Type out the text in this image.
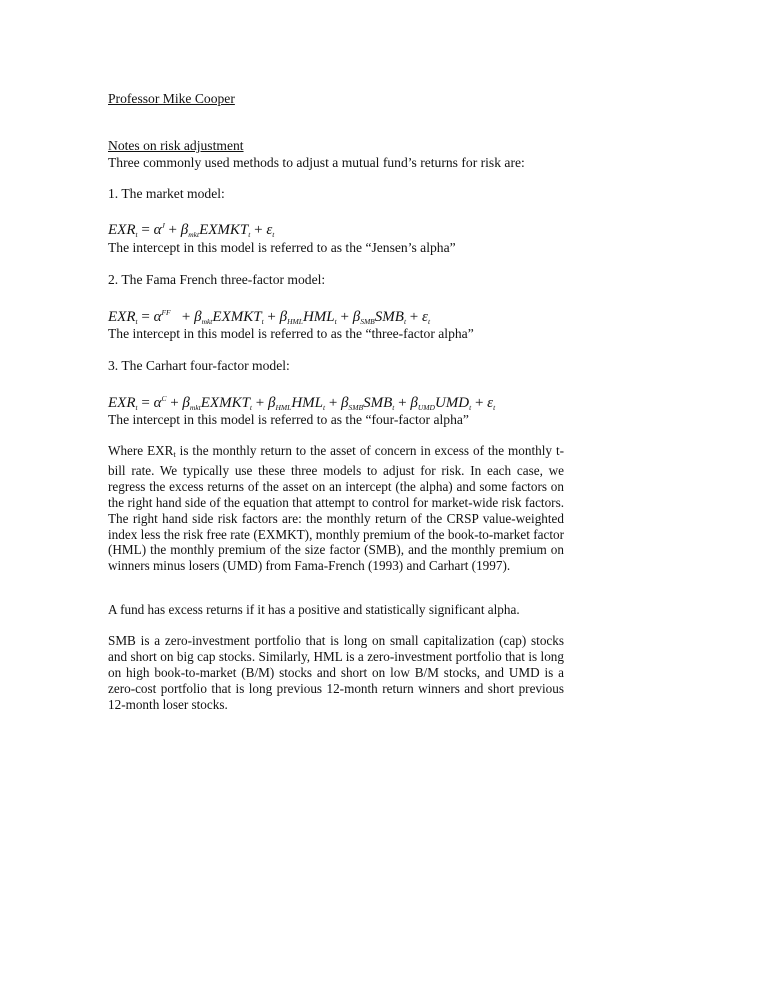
Professor Mike Cooper
Notes on risk adjustment
Three commonly used methods to adjust a mutual fund’s returns for risk are:
1. The market model:
$EXR_t = \alpha^J$ + $\beta_{mkt}EXMKT_t + \varepsilon_t$
The intercept in this model is referred to as the “Jensen’s alpha”
2. The Fama French three-factor model:
$EXR_t = \alpha^{FF}$ + $\beta_{mkt}EXMKT_t + \beta_{HML}HML_t + \beta_{SMB}SMB_t + \varepsilon_t$
The intercept in this model is referred to as the “three-factor alpha”
3. The Carhart four-factor model:
$EXR_t = \alpha^C$ + $\beta_{mkt}EXMKT_t + \beta_{HML}HML_t + \beta_{SMB}SMB_t + \beta_{UMD}UMD_t + \varepsilon_t$
The intercept in this model is referred to as the “four-factor alpha”
Where EXRt is the monthly return to the asset of concern in excess of the monthly t-bill rate. We typically use these three models to adjust for risk. In each case, we regress the excess returns of the asset on an intercept (the alpha) and some factors on the right hand side of the equation that attempt to control for market-wide risk factors. The right hand side risk factors are: the monthly return of the CRSP value-weighted index less the risk free rate (EXMKT), monthly premium of the book-to-market factor (HML) the monthly premium of the size factor (SMB), and the monthly premium on winners minus losers (UMD) from Fama-French (1993) and Carhart (1997).
A fund has excess returns if it has a positive and statistically significant alpha.
SMB is a zero-investment portfolio that is long on small capitalization (cap) stocks and short on big cap stocks. Similarly, HML is a zero-investment portfolio that is long on high book-to-market (B/M) stocks and short on low B/M stocks, and UMD is a zero-cost portfolio that is long previous 12-month return winners and short previous 12-month loser stocks.
